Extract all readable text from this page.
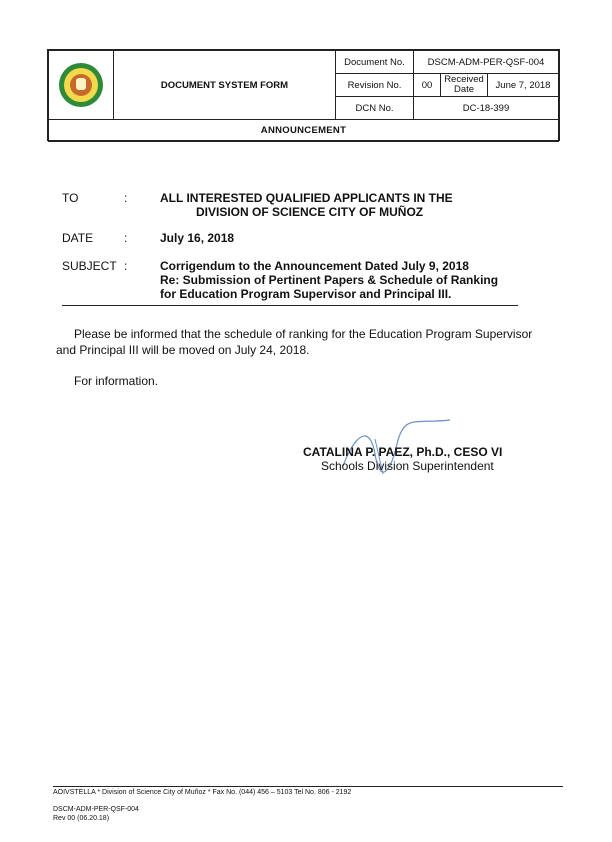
	DOCUMENT SYSTEM FORM	Document No.	DSCM-ADM-PER-QSF-004		
		Revision No.	00	Received Date	June 7, 2018
		DCN No.	DC-18-399		
ANNOUNCEMENT					
TO	:	ALL INTERESTED QUALIFIED APPLICANTS IN THE
DIVISION OF SCIENCE CITY OF MUÑOZ
DATE	:	July 16, 2018
SUBJECT :	Corrigendum to the Announcement Dated July 9, 2018
Re: Submission of Pertinent Papers & Schedule of Ranking
for Education Program Supervisor and Principal III.
Please be informed that the schedule of ranking for the Education Program Supervisor
and Principal III will be moved on July 24, 2018.
For information.
CATALINA P. PAEZ, Ph.D., CESO VI
Schools Division Superintendent
AOIVSTELLA * Division of Science City of Muñoz * Fax No. (044) 456 – 5103 Tel No. 806 - 2192
DSCM-ADM-PER-QSF-004
Rev 00 (06.20.18)
